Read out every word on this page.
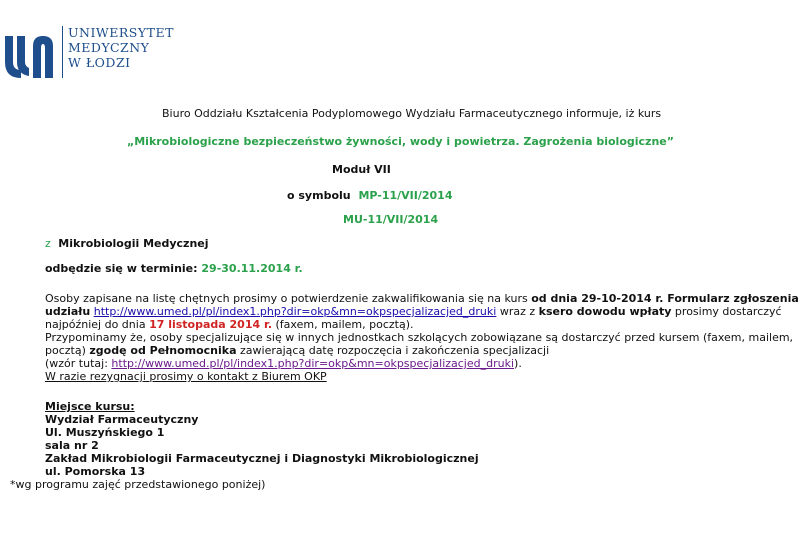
UNIWERSYTET
MEDYCZNY
W ŁODZI
Biuro Oddziału Kształcenia Podyplomowego Wydziału Farmaceutycznego informuje, iż kurs
„Mikrobiologiczne bezpieczeństwo żywności, wody i powietrza. Zagrożenia biologiczne”
Moduł VII
o symbolu MP-11/VII/2014
MU-11/VII/2014
z Mikrobiologii Medycznej
odbędzie się w terminie: 29-30.11.2014 r.
Osoby zapisane na listę chętnych prosimy o potwierdzenie zakwalifikowania się na kurs od dnia 29-10-2014 r. Formularz zgłoszenia
udziału http://www.umed.pl/pl/index1.php?dir=okp&mn=okpspecjalizacjed_druki wraz z ksero dowodu wpłaty prosimy dostarczyć
najpóźniej do dnia 17 listopada 2014 r. (faxem, mailem, pocztą).
Przypominamy że, osoby specjalizujące się w innych jednostkach szkolących zobowiązane są dostarczyć przed kursem (faxem, mailem,
pocztą) zgodę od Pełnomocnika zawierającą datę rozpoczęcia i zakończenia specjalizacji
(wzór tutaj: http://www.umed.pl/pl/index1.php?dir=okp&mn=okpspecjalizacjed_druki).
W razie rezygnacji prosimy o kontakt z Biurem OKP
Miejsce kursu:
Wydział Farmaceutyczny
Ul. Muszyńskiego 1
sala nr 2
Zakład Mikrobiologii Farmaceutycznej i Diagnostyki Mikrobiologicznej
ul. Pomorska 13
*wg programu zajęć przedstawionego poniżej)
